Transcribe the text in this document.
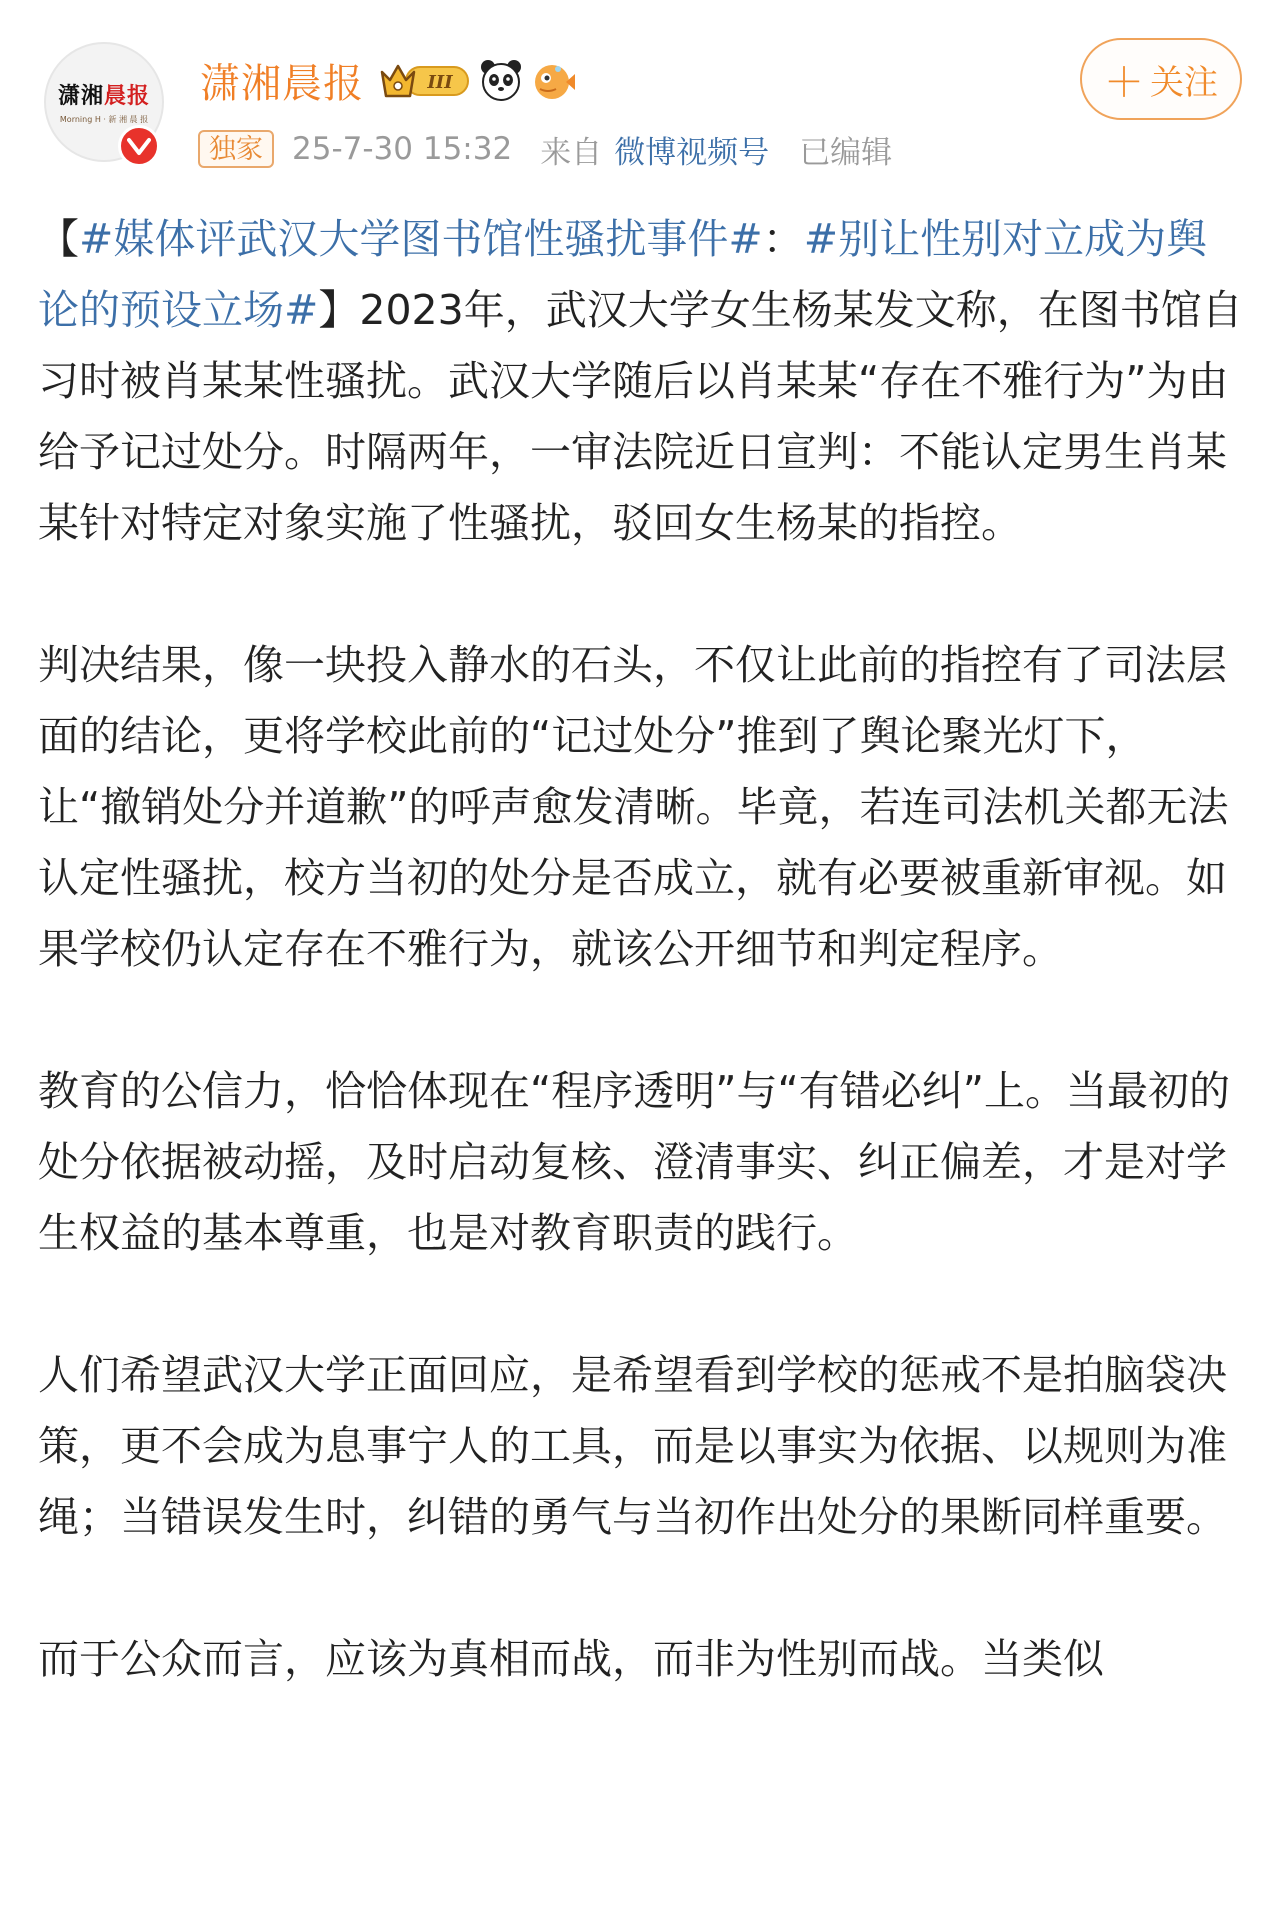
潇湘晨报
Morning H · 新 湘 晨 报
潇湘晨报	III	＋ 关注
独家 25-7-30 15:32 来自 微博视频号 已编辑

【#媒体评武汉大学图书馆性骚扰事件#：#别让性别对立成为舆论的预设立场#】2023年，武汉大学女生杨某发文称，在图书馆自习时被肖某某性骚扰。武汉大学随后以肖某某“存在不雅行为”为由给予记过处分。时隔两年，一审法院近日宣判：不能认定男生肖某某针对特定对象实施了性骚扰，驳回女生杨某的指控。

判决结果，像一块投入静水的石头，不仅让此前的指控有了司法层面的结论，更将学校此前的“记过处分”推到了舆论聚光灯下，让“撤销处分并道歉”的呼声愈发清晰。毕竟，若连司法机关都无法认定性骚扰，校方当初的处分是否成立，就有必要被重新审视。如果学校仍认定存在不雅行为，就该公开细节和判定程序。

教育的公信力，恰恰体现在“程序透明”与“有错必纠”上。当最初的处分依据被动摇，及时启动复核、澄清事实、纠正偏差，才是对学生权益的基本尊重，也是对教育职责的践行。

人们希望武汉大学正面回应，是希望看到学校的惩戒不是拍脑袋决策，更不会成为息事宁人的工具，而是以事实为依据、以规则为准绳；当错误发生时，纠错的勇气与当初作出处分的果断同样重要。

而于公众而言，应该为真相而战，而非为性别而战。当类似
